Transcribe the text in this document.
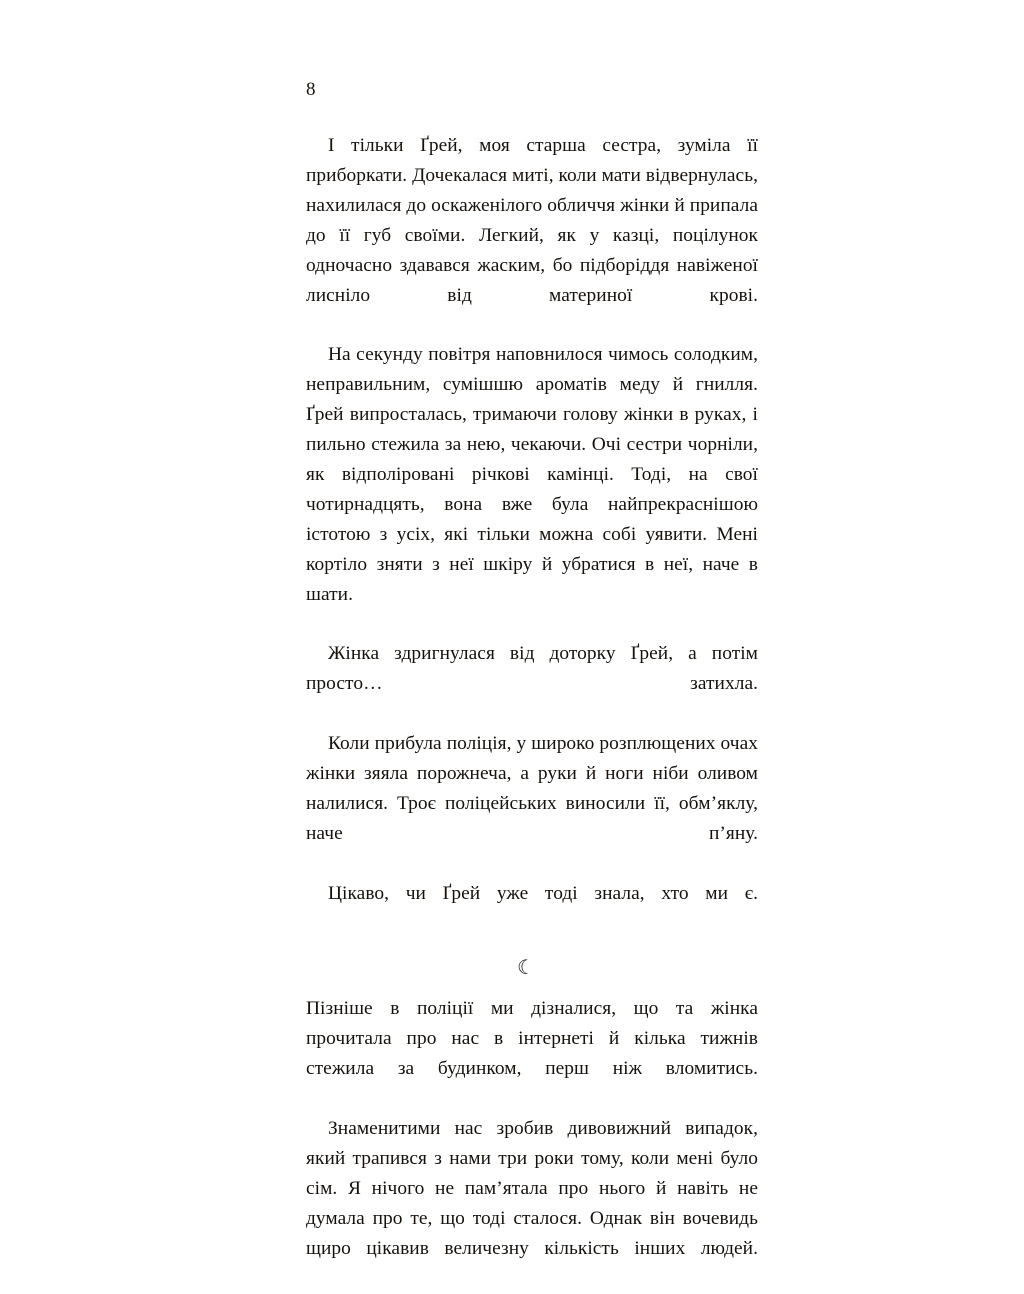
8

І тільки Ґрей, моя старша сестра, зуміла її приборкати. Дочекалася миті, коли мати відвернулась, нахилилася до оскаженілого обличчя жінки й припала до її губ своїми. Легкий, як у казці, поцілунок одночасно здавався жаским, бо підборіддя навіженої лисніло від материної крові.

На секунду повітря наповнилося чимось солодким, неправильним, сумішшю ароматів меду й гнилля. Ґрей випросталась, тримаючи голову жінки в руках, і пильно стежила за нею, чекаючи. Очі сестри чорніли, як відполіровані річкові камінці. Тоді, на свої чотирнадцять, вона вже була найпрекраснішою істотою з усіх, які тільки можна собі уявити. Мені кортіло зняти з неї шкіру й убратися в неї, наче в шати.

Жінка здригнулася від доторку Ґрей, а потім просто… затихла.

Коли прибула поліція, у широко розплющених очах жінки зяяла порожнеча, а руки й ноги ніби оливом налилися. Троє поліцейських виносили її, обм’яклу, наче п’яну.

Цікаво, чи Ґрей уже тоді знала, хто ми є.

☾

Пізніше в поліції ми дізналися, що та жінка прочитала про нас в інтернеті й кілька тижнів стежила за будинком, перш ніж вломитись.

Знаменитими нас зробив дивовижний випадок, який трапився з нами три роки тому, коли мені було сім. Я нічого не пам’ятала про нього й навіть не думала про те, що тоді сталося. Однак він вочевидь щиро цікавив величезну кількість інших людей.
